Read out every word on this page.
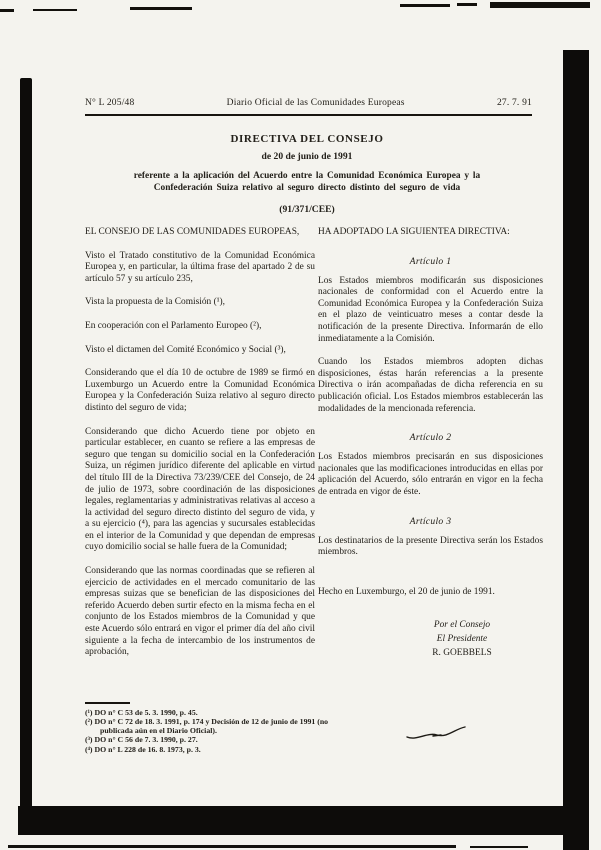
N° L 205/48	Diario Oficial de las Comunidades Europeas	27. 7. 91
DIRECTIVA DEL CONSEJO
de 20 de junio de 1991
referente a la aplicación del Acuerdo entre la Comunidad Económica Europea y la Confederación Suiza relativo al seguro directo distinto del seguro de vida
(91/371/CEE)

EL CONSEJO DE LAS COMUNIDADES EUROPEAS,

Visto el Tratado constitutivo de la Comunidad Económica Europea y, en particular, la última frase del apartado 2 de su artículo 57 y su artículo 235,

Vista la propuesta de la Comisión (¹),

En cooperación con el Parlamento Europeo (²),

Visto el dictamen del Comité Económico y Social (³),

Considerando que el día 10 de octubre de 1989 se firmó en Luxemburgo un Acuerdo entre la Comunidad Económica Europea y la Confederación Suiza relativo al seguro directo distinto del seguro de vida;

Considerando que dicho Acuerdo tiene por objeto en particular establecer, en cuanto se refiere a las empresas de seguro que tengan su domicilio social en la Confederación Suiza, un régimen jurídico diferente del aplicable en virtud del título III de la Directiva 73/239/CEE del Consejo, de 24 de julio de 1973, sobre coordinación de las disposiciones legales, reglamentarias y administrativas relativas al acceso a la actividad del seguro directo distinto del seguro de vida, y a su ejercicio (⁴), para las agencias y sucursales establecidas en el interior de la Comunidad y que dependan de empresas cuyo domicilio social se halle fuera de la Comunidad;

Considerando que las normas coordinadas que se refieren al ejercicio de actividades en el mercado comunitario de las empresas suizas que se benefician de las disposiciones del referido Acuerdo deben surtir efecto en la misma fecha en el conjunto de los Estados miembros de la Comunidad y que este Acuerdo sólo entrará en vigor el primer día del año civil siguiente a la fecha de intercambio de los instrumentos de aprobación,

HA ADOPTADO LA SIGUIENTEA DIRECTIVA:

Artículo 1

Los Estados miembros modificarán sus disposiciones nacionales de conformidad con el Acuerdo entre la Comunidad Económica Europea y la Confederación Suiza en el plazo de veinticuatro meses a contar desde la notificación de la presente Directiva. Informarán de ello inmediatamente a la Comisión.

Cuando los Estados miembros adopten dichas disposiciones, éstas harán referencias a la presente Directiva o irán acompañadas de dicha referencia en su publicación oficial. Los Estados miembros establecerán las modalidades de la mencionada referencia.

Artículo 2

Los Estados miembros precisarán en sus disposiciones nacionales que las modificaciones introducidas en ellas por aplicación del Acuerdo, sólo entrarán en vigor en la fecha de entrada en vigor de éste.

Artículo 3

Los destinatarios de la presente Directiva serán los Estados miembros.

Hecho en Luxemburgo, el 20 de junio de 1991.

Por el Consejo
El Presidente
R. GOEBBELS
(¹) DO n° C 53 de 5. 3. 1990, p. 45.
(²) DO n° C 72 de 18. 3. 1991, p. 174 y Decisión de 12 de junio de 1991 (no publicada aún en el Diario Oficial).
(³) DO n° C 56 de 7. 3. 1990, p. 27.
(⁴) DO n° L 228 de 16. 8. 1973, p. 3.
